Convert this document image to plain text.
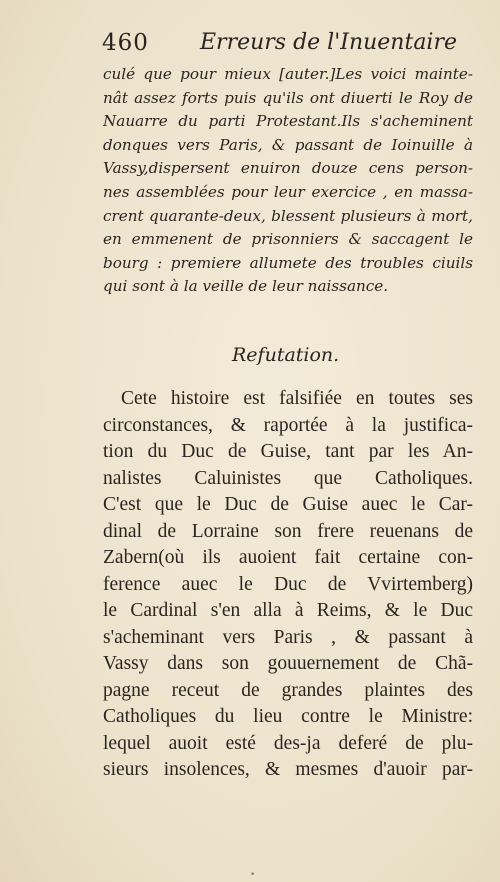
460 Erreurs de l'Inuentaire
culé que pour mieux [auter.]Les voici mainte-
nât assez forts puis qu'ils ont diuerti le Roy de
Nauarre du parti Protestant.Ils s'acheminent
donques vers Paris, & passant de Ioinuille à
Vassy,dispersent enuiron douze cens person-
nes assemblées pour leur exercice , en massa-
crent quarante-deux, blessent plusieurs à mort,
en emmenent de prisonniers & saccagent le
bourg : premiere allumete des troubles ciuils
qui sont à la veille de leur naissance.
Refutation.
Cete histoire est falsifiée en toutes ses
circonstances, & raportée à la justifica-
tion du Duc de Guise, tant par les An-
nalistes Caluinistes que Catholiques.
C'est que le Duc de Guise auec le Car-
dinal de Lorraine son frere reuenans de
Zabern(où ils auoient fait certaine con-
ference auec le Duc de Vvirtemberg)
le Cardinal s'en alla à Reims, & le Duc
s'acheminant vers Paris , & passant à
Vassy dans son gouuernement de Chã-
pagne receut de grandes plaintes des
Catholiques du lieu contre le Ministre:
lequel auoit esté des-ja deferé de plu-
sieurs insolences, & mesmes d'auoir par-
•
